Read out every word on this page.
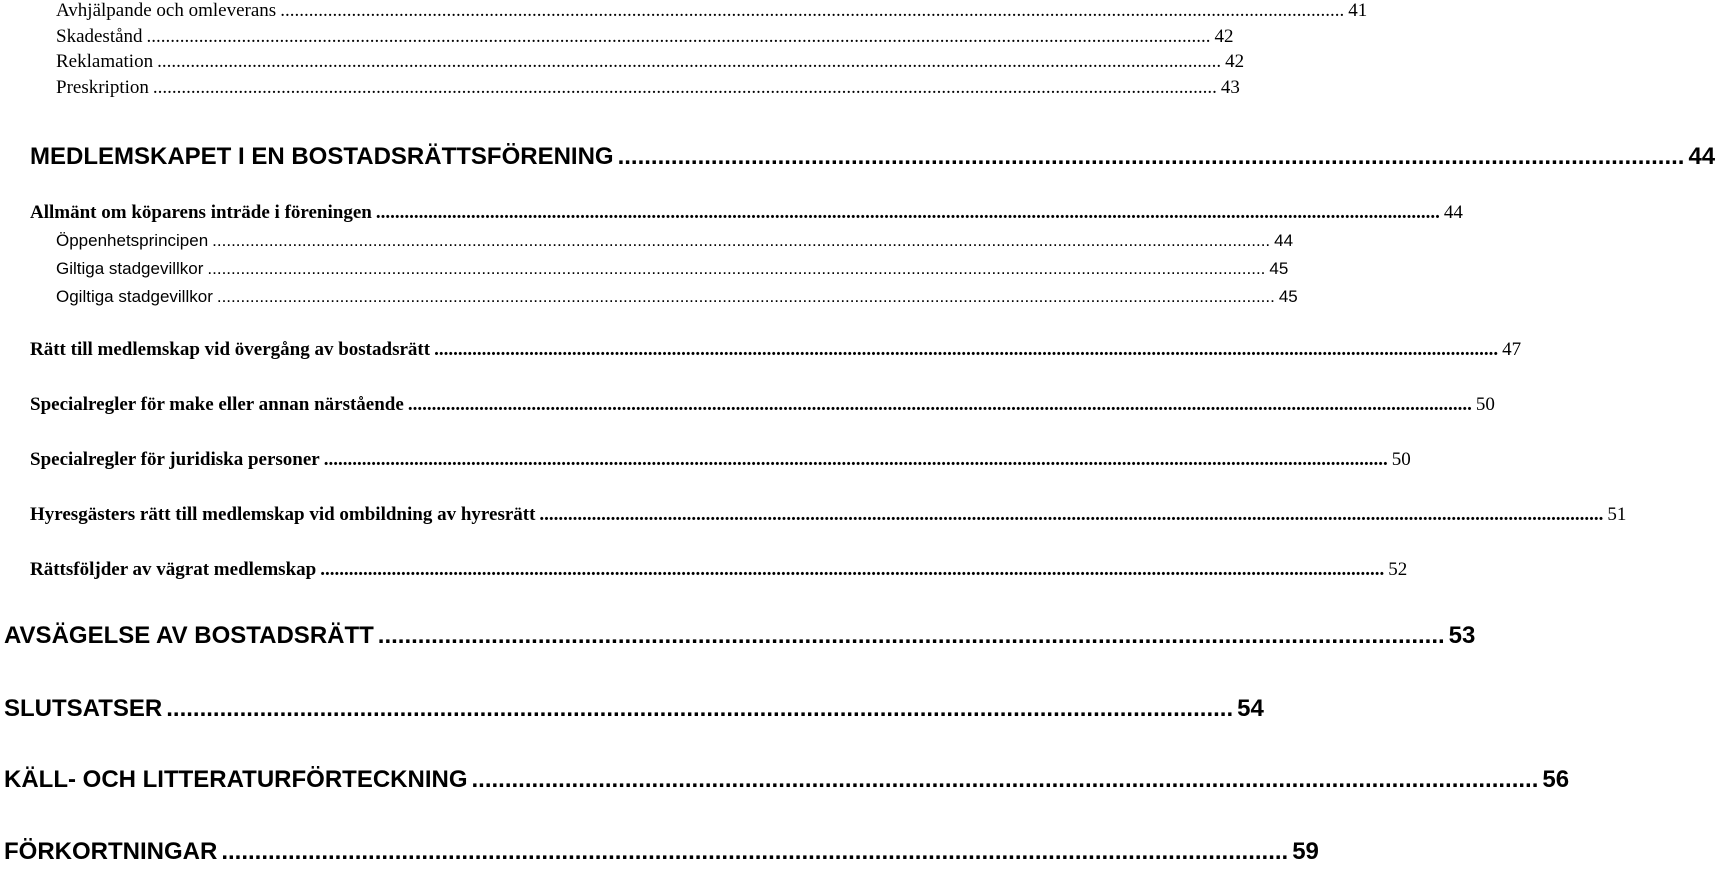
Avhjälpande och omleverans ................................................................................................................................................................................................................................ 41
Skadestånd ................................................................................................................................................................................................................................ 42
Reklamation ................................................................................................................................................................................................................................ 42
Preskription ................................................................................................................................................................................................................................ 43
MEDLEMSKAPET I EN BOSTADSRÄTTSFÖRENING ................................................................................................................................................................ 44
Allmänt om köparens inträde i föreningen ................................................................................................................................................................................................................................ 44
Öppenhetsprincipen ................................................................................................................................................................................................................................ 44
Giltiga stadgevillkor ................................................................................................................................................................................................................................ 45
Ogiltiga stadgevillkor ................................................................................................................................................................................................................................ 45
Rätt till medlemskap vid övergång av bostadsrätt ................................................................................................................................................................................................................................ 47
Specialregler för make eller annan närstående ................................................................................................................................................................................................................................ 50
Specialregler för juridiska personer ................................................................................................................................................................................................................................ 50
Hyresgästers rätt till medlemskap vid ombildning av hyresrätt ................................................................................................................................................................................................................................ 51
Rättsföljder av vägrat medlemskap ................................................................................................................................................................................................................................ 52
AVSÄGELSE AV BOSTADSRÄTT ................................................................................................................................................................ 53
SLUTSATSER ................................................................................................................................................................ 54
KÄLL- OCH LITTERATURFÖRTECKNING ................................................................................................................................................................ 56
FÖRKORTNINGAR ................................................................................................................................................................ 59
